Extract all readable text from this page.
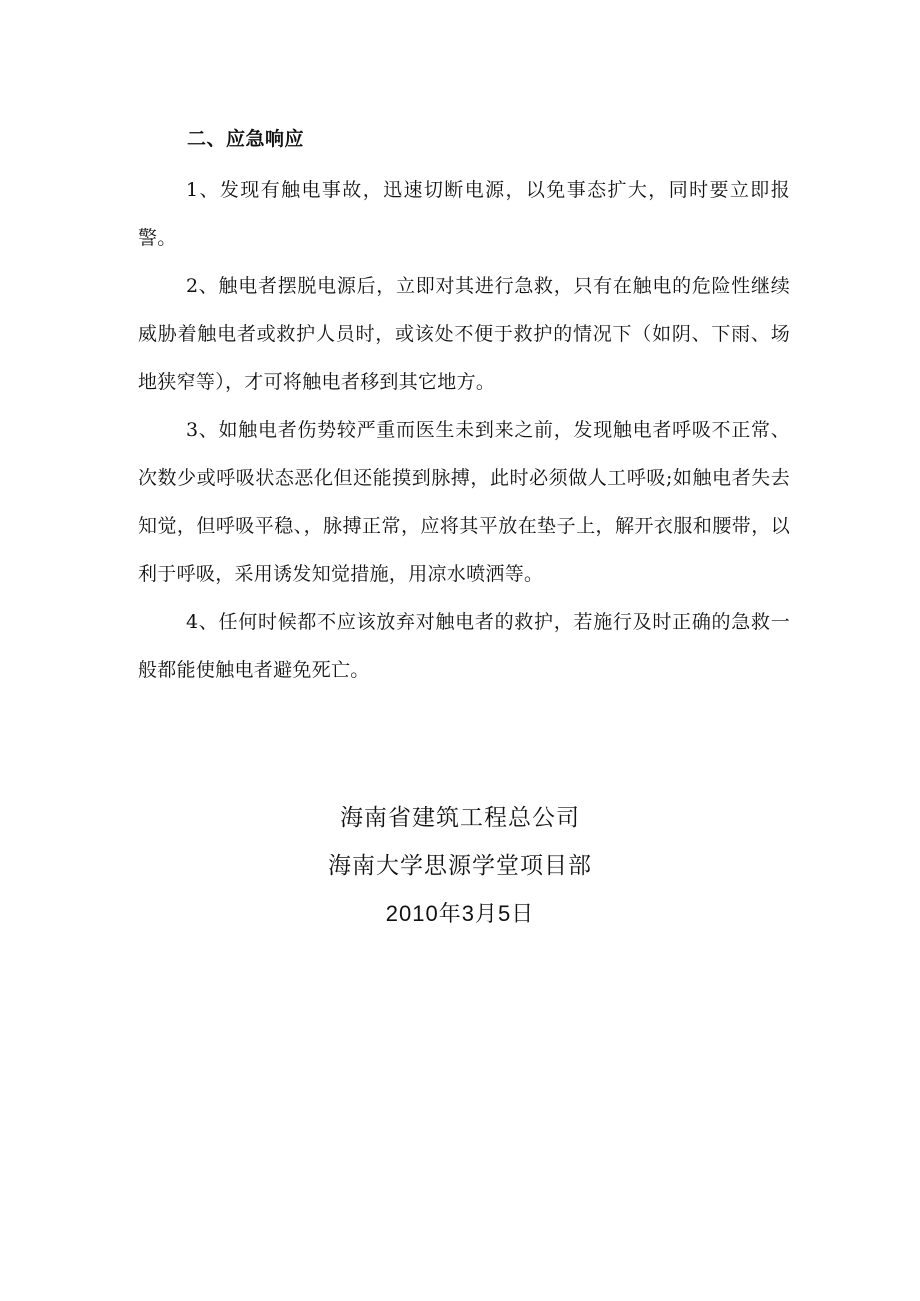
二、应急响应

1、发现有触电事故，迅速切断电源，以免事态扩大，同时要立即报警。

2、触电者摆脱电源后，立即对其进行急救，只有在触电的危险性继续威胁着触电者或救护人员时，或该处不便于救护的情况下（如阴、下雨、场地狭窄等），才可将触电者移到其它地方。

3、如触电者伤势较严重而医生未到来之前，发现触电者呼吸不正常、次数少或呼吸状态恶化但还能摸到脉搏，此时必须做人工呼吸;如触电者失去知觉，但呼吸平稳、，脉搏正常，应将其平放在垫子上，解开衣服和腰带，以利于呼吸，采用诱发知觉措施，用凉水喷洒等。

4、任何时候都不应该放弃对触电者的救护，若施行及时正确的急救一般都能使触电者避免死亡。

海南省建筑工程总公司
海南大学思源学堂项目部
2010年3月5日
